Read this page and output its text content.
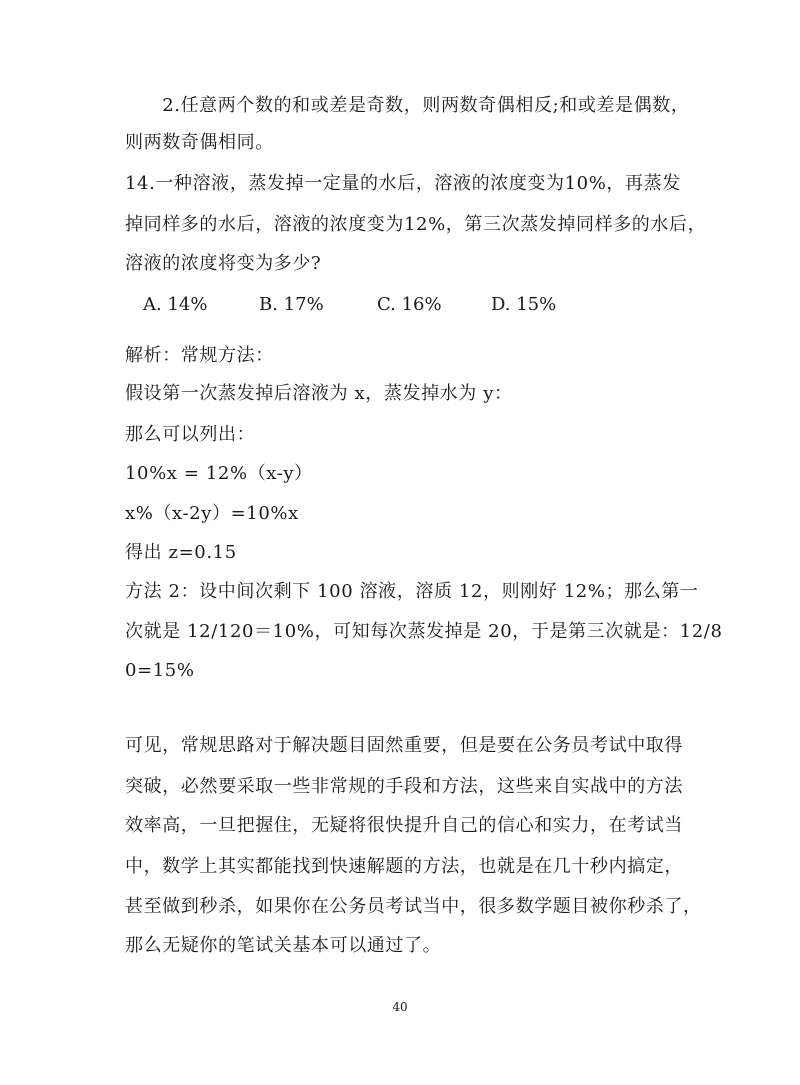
　　2.任意两个数的和或差是奇数，则两数奇偶相反;和或差是偶数，
则两数奇偶相同。
14.一种溶液，蒸发掉一定量的水后，溶液的浓度变为10%，再蒸发
掉同样多的水后，溶液的浓度变为12%，第三次蒸发掉同样多的水后，
溶液的浓度将变为多少?
A. 14%	B. 17%	C. 16%	D. 15%
解析：常规方法：
假设第一次蒸发掉后溶液为 x，蒸发掉水为 y：
那么可以列出：
10%x = 12%（x-y）
x%（x-2y）=10%x
得出 z=0.15
方法 2：设中间次剩下 100 溶液，溶质 12，则刚好 12%；那么第一
次就是 12/120＝10%，可知每次蒸发掉是 20，于是第三次就是：12/8
0=15%
可见，常规思路对于解决题目固然重要，但是要在公务员考试中取得
突破，必然要采取一些非常规的手段和方法，这些来自实战中的方法
效率高，一旦把握住，无疑将很快提升自己的信心和实力，在考试当
中，数学上其实都能找到快速解题的方法，也就是在几十秒内搞定，
甚至做到秒杀，如果你在公务员考试当中，很多数学题目被你秒杀了，
那么无疑你的笔试关基本可以通过了。
40
